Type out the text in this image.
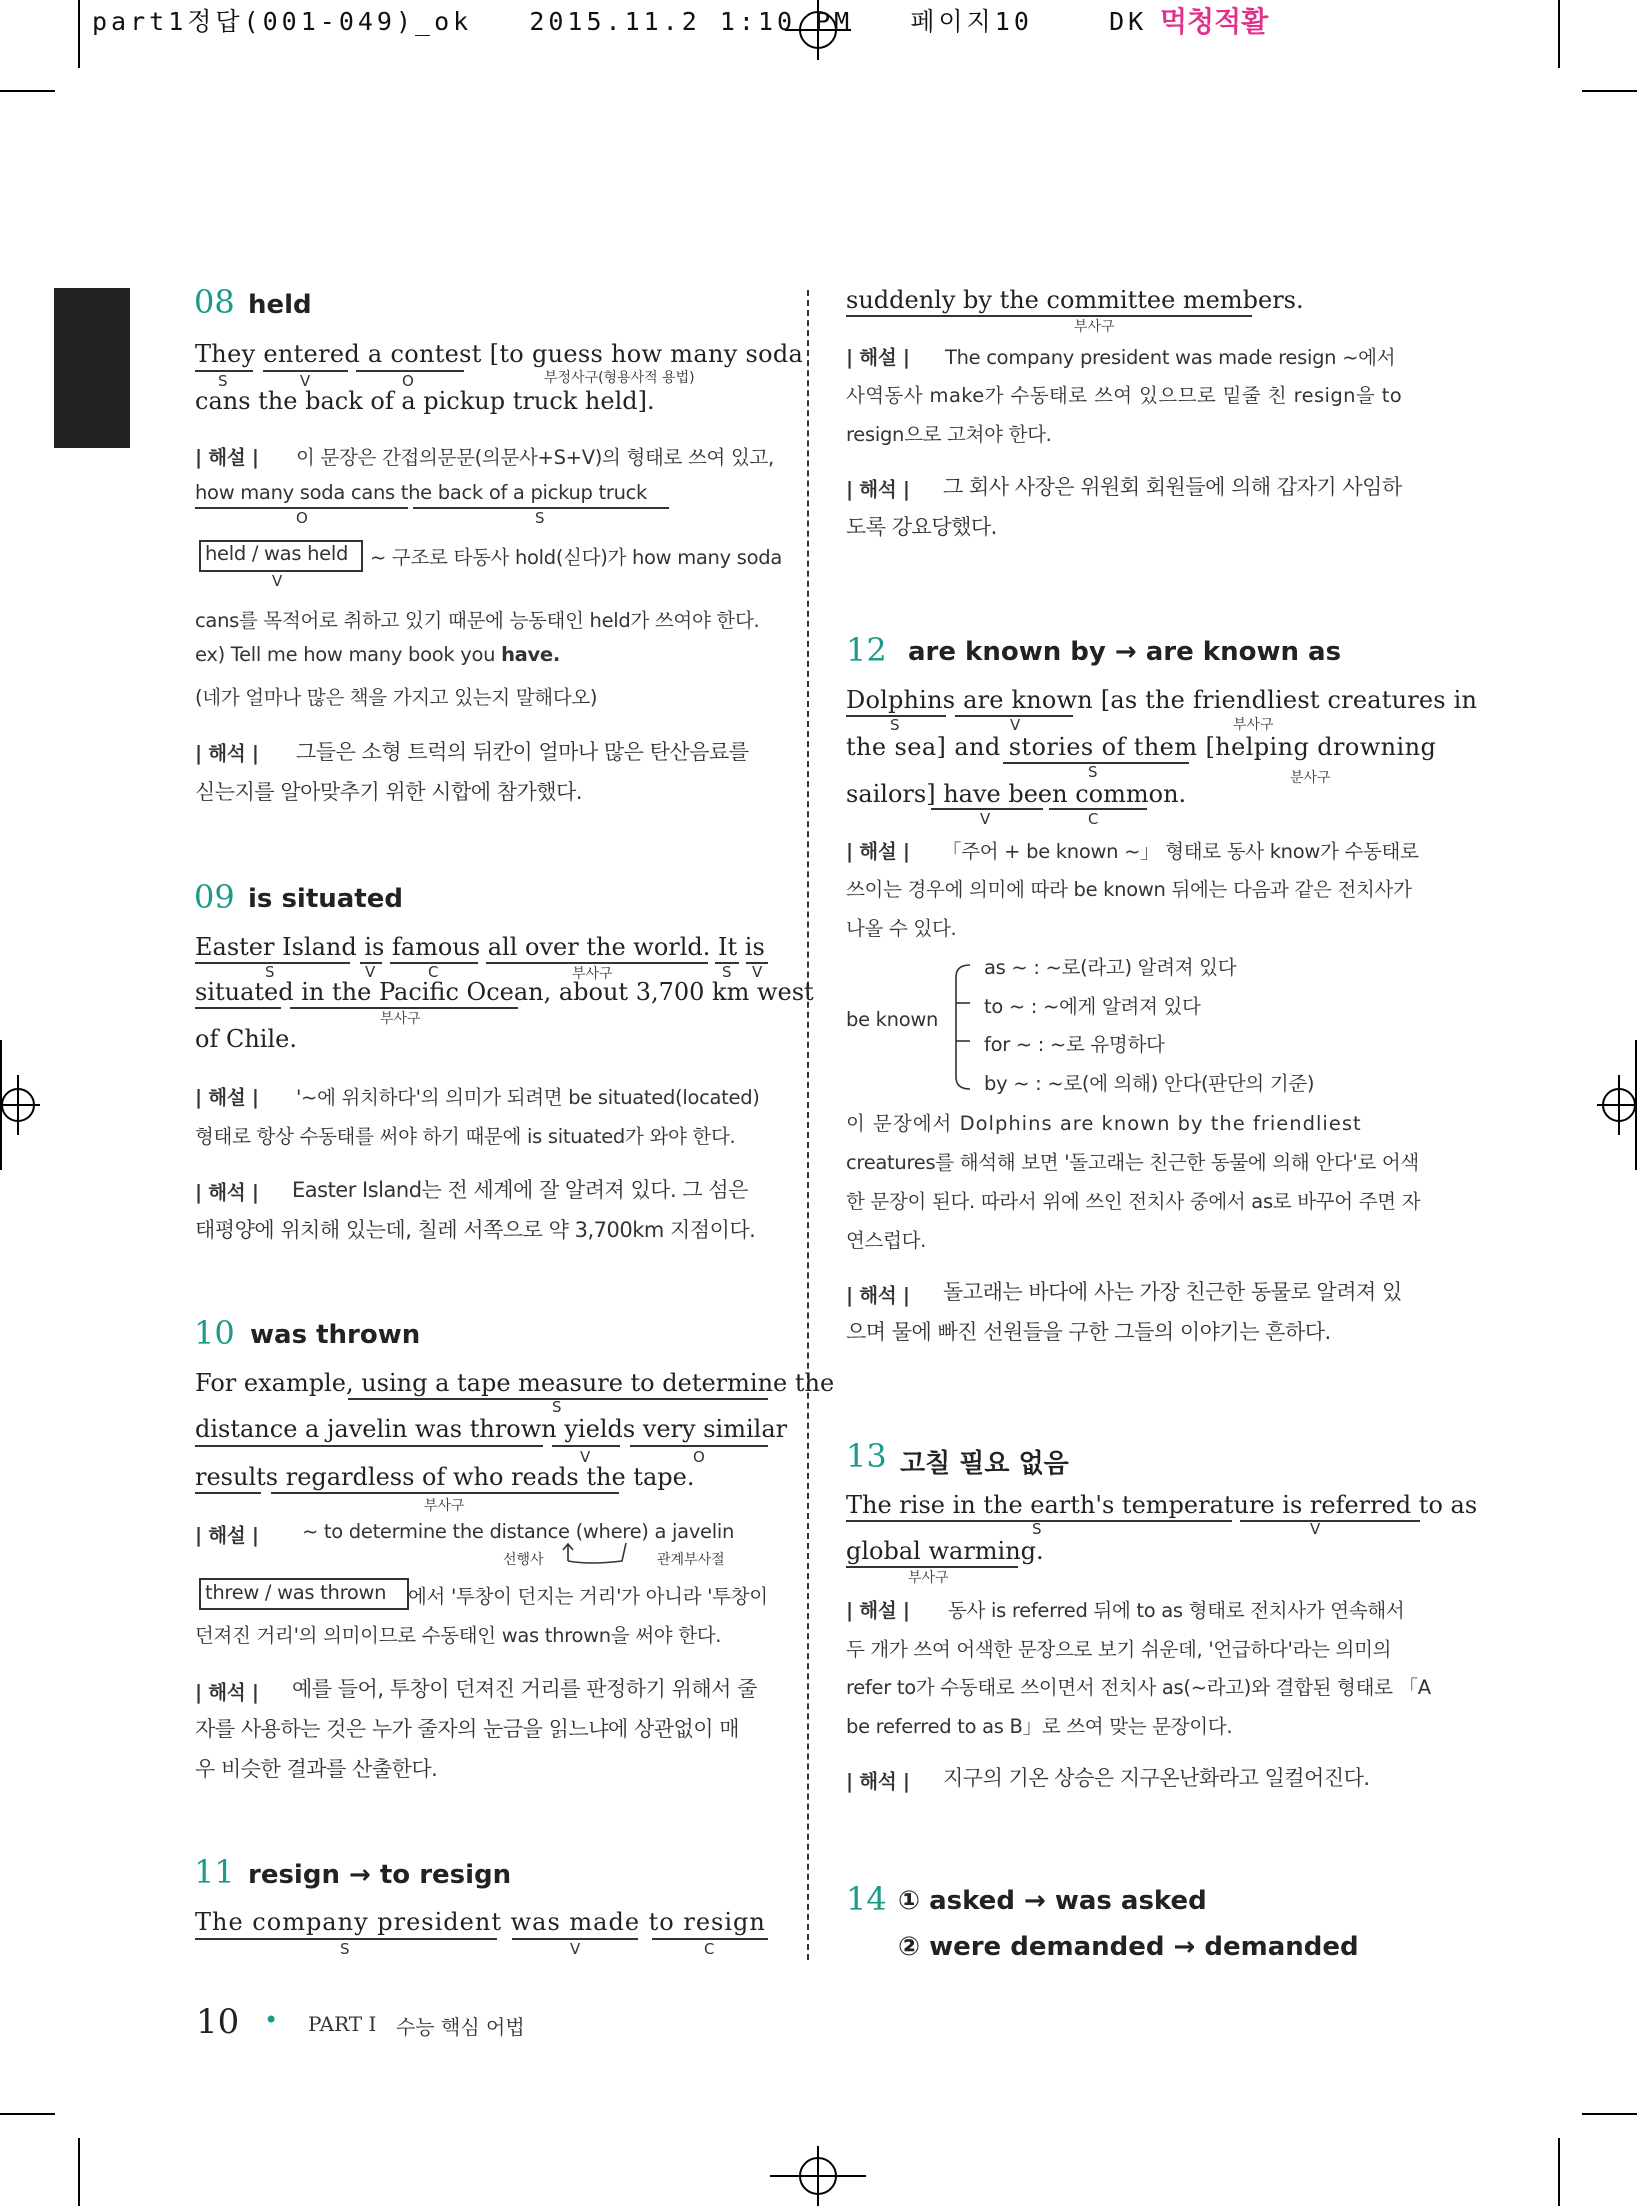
part1정답(001-049)_ok   2015.11.2 1:10 PM   페이지10    DK 먹청적활
08 held
They entered a contest [to guess how many soda
S	V	O	부정사구(형용사적 용법)
cans the back of a pickup truck held].
| 해설 | 이 문장은 간접의문문(의문사+S+V)의 형태로 쓰여 있고,
how many soda cans the back of a pickup truck
O	S
held / was held ~ 구조로 타동사 hold(싣다)가 how many soda
V
cans를 목적어로 취하고 있기 때문에 능동태인 held가 쓰여야 한다.
ex) Tell me how many book you have.
(네가 얼마나 많은 책을 가지고 있는지 말해다오)
| 해석 | 그들은 소형 트럭의 뒤칸이 얼마나 많은 탄산음료를
싣는지를 알아맞추기 위한 시합에 참가했다.
09 is situated
Easter Island is famous all over the world. It is
S	V	C	부사구	S V
situated in the Pacific Ocean, about 3,700 km west
부사구
of Chile.
| 해설 | '~에 위치하다'의 의미가 되려면 be situated(located)
형태로 항상 수동태를 써야 하기 때문에 is situated가 와야 한다.
| 해석 | Easter Island는 전 세계에 잘 알려져 있다. 그 섬은
태평양에 위치해 있는데, 칠레 서쪽으로 약 3,700km 지점이다.
10 was thrown
For example, using a tape measure to determine the
S
distance a javelin was thrown yields very similar
V	O
results regardless of who reads the tape.
부사구
| 해설 | ~ to determine the distance (where) a javelin
선행사	관계부사절
threw / was thrown 에서 '투창이 던지는 거리'가 아니라 '투창이
던져진 거리'의 의미이므로 수동태인 was thrown을 써야 한다.
| 해석 | 예를 들어, 투창이 던져진 거리를 판정하기 위해서 줄
자를 사용하는 것은 누가 줄자의 눈금을 읽느냐에 상관없이 매
우 비슷한 결과를 산출한다.
11 resign → to resign
The company president was made to resign
S	V	C
suddenly by the committee members.
부사구
| 해설 | The company president was made resign ~에서
사역동사 make가 수동태로 쓰여 있으므로 밑줄 친 resign을 to
resign으로 고쳐야 한다.
| 해석 | 그 회사 사장은 위원회 회원들에 의해 갑자기 사임하
도록 강요당했다.
12 are known by → are known as
Dolphins are known [as the friendliest creatures in
S	V	부사구
the sea] and stories of them [helping drowning
S	분사구
sailors] have been common.
V	C
| 해설 | 「주어 + be known ~」 형태로 동사 know가 수동태로
쓰이는 경우에 의미에 따라 be known 뒤에는 다음과 같은 전치사가
나올 수 있다.
be known
as ~ : ~로(라고) 알려져 있다
to ~ : ~에게 알려져 있다
for ~ : ~로 유명하다
by ~ : ~로(에 의해) 안다(판단의 기준)
이 문장에서 Dolphins are known by the friendliest
creatures를 해석해 보면 '돌고래는 친근한 동물에 의해 안다'로 어색
한 문장이 된다. 따라서 위에 쓰인 전치사 중에서 as로 바꾸어 주면 자
연스럽다.
| 해석 | 돌고래는 바다에 사는 가장 친근한 동물로 알려져 있
으며 물에 빠진 선원들을 구한 그들의 이야기는 흔하다.
13 고칠 필요 없음
The rise in the earth's temperature is referred to as
S	V
global warming.
부사구
| 해설 | 동사 is referred 뒤에 to as 형태로 전치사가 연속해서
두 개가 쓰여 어색한 문장으로 보기 쉬운데, '언급하다'라는 의미의
refer to가 수동태로 쓰이면서 전치사 as(~라고)와 결합된 형태로 「A
be referred to as B」로 쓰여 맞는 문장이다.
| 해석 | 지구의 기온 상승은 지구온난화라고 일컬어진다.
14 ① asked → was asked
② were demanded → demanded
10 • PART I 수능 핵심 어법
